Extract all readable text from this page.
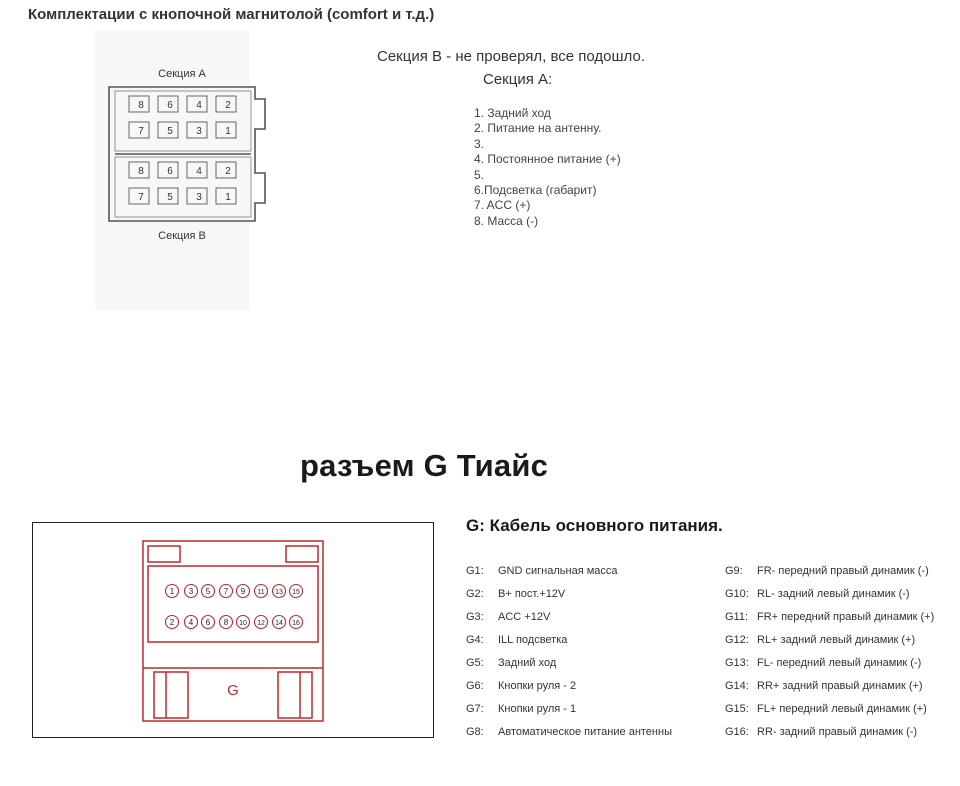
Комплектации с кнопочной магнитолой (comfort и т.д.)
Секция А
8 6 4 2
7 5 3 1
8 6 4 2
7 5 3 1
Секция В
Секция В - не проверял, все подошло.
Секция А:
1. Задний ход
2. Питание на антенну.
3.
4. Постоянное питание (+)
5.
6.Подсветка (габарит)
7. ACC (+)
8. Масса (-)
разъем G Тиайс
1 3 5 7 9 11 13 15
2 4 6 8 10 12 14 16
G
G: Кабель основного питания.
G1: GND сигнальная масса
G2: B+ пост.+12V
G3: ACC +12V
G4: ILL подсветка
G5: Задний ход
G6: Кнопки руля - 2
G7: Кнопки руля - 1
G8: Автоматическое питание антенны
G9: FR- передний правый динамик (-)
G10: RL- задний левый динамик (-)
G11: FR+ передний правый динамик (+)
G12: RL+ задний левый динамик (+)
G13: FL- передний левый динамик (-)
G14: RR+ задний правый динамик (+)
G15: FL+ передний левый динамик (+)
G16: RR- задний правый динамик (-)
